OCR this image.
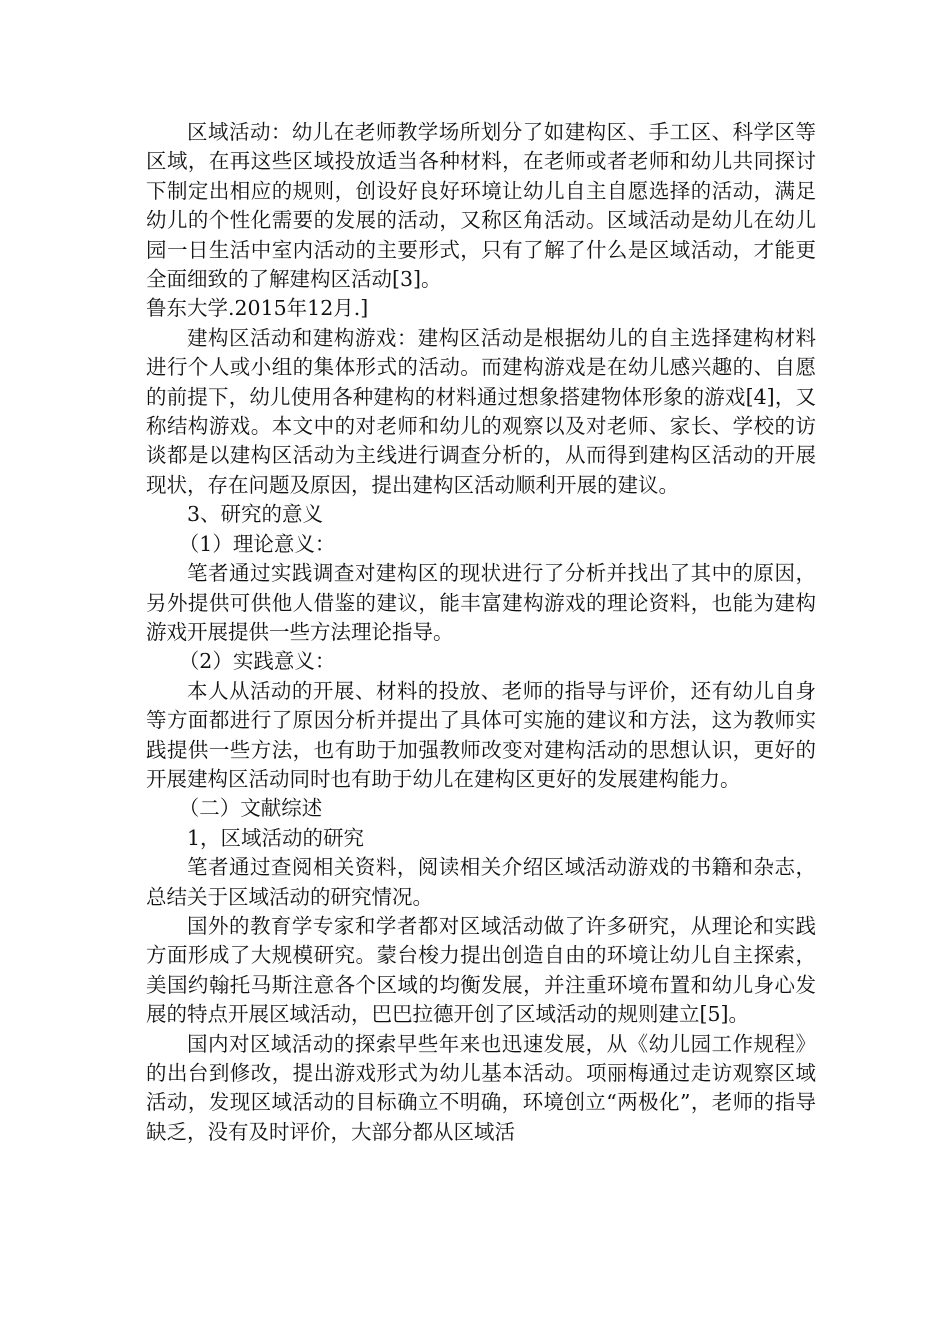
区域活动：幼儿在老师教学场所划分了如建构区、手工区、科学区等区域，在再这些区域投放适当各种材料，在老师或者老师和幼儿共同探讨下制定出相应的规则，创设好良好环境让幼儿自主自愿选择的活动，满足幼儿的个性化需要的发展的活动，又称区角活动。区域活动是幼儿在幼儿园一日生活中室内活动的主要形式，只有了解了什么是区域活动，才能更全面细致的了解建构区活动[3]。

鲁东大学.2015年12月.]

建构区活动和建构游戏：建构区活动是根据幼儿的自主选择建构材料进行个人或小组的集体形式的活动。而建构游戏是在幼儿感兴趣的、自愿的前提下，幼儿使用各种建构的材料通过想象搭建物体形象的游戏[4]，又称结构游戏。本文中的对老师和幼儿的观察以及对老师、家长、学校的访谈都是以建构区活动为主线进行调查分析的，从而得到建构区活动的开展现状，存在问题及原因，提出建构区活动顺利开展的建议。

3、研究的意义

（1）理论意义：

笔者通过实践调查对建构区的现状进行了分析并找出了其中的原因，另外提供可供他人借鉴的建议，能丰富建构游戏的理论资料，也能为建构游戏开展提供一些方法理论指导。

（2）实践意义：

本人从活动的开展、材料的投放、老师的指导与评价，还有幼儿自身等方面都进行了原因分析并提出了具体可实施的建议和方法，这为教师实践提供一些方法，也有助于加强教师改变对建构活动的思想认识，更好的开展建构区活动同时也有助于幼儿在建构区更好的发展建构能力。

（二）文献综述

1，区域活动的研究

笔者通过查阅相关资料，阅读相关介绍区域活动游戏的书籍和杂志，总结关于区域活动的研究情况。

国外的教育学专家和学者都对区域活动做了许多研究，从理论和实践方面形成了大规模研究。蒙台梭力提出创造自由的环境让幼儿自主探索，美国约翰托马斯注意各个区域的均衡发展，并注重环境布置和幼儿身心发展的特点开展区域活动，巴巴拉德开创了区域活动的规则建立[5]。

国内对区域活动的探索早些年来也迅速发展，从《幼儿园工作规程》的出台到修改，提出游戏形式为幼儿基本活动。项丽梅通过走访观察区域活动，发现区域活动的目标确立不明确，环境创立“两极化”，老师的指导缺乏，没有及时评价，大部分都从区域活
